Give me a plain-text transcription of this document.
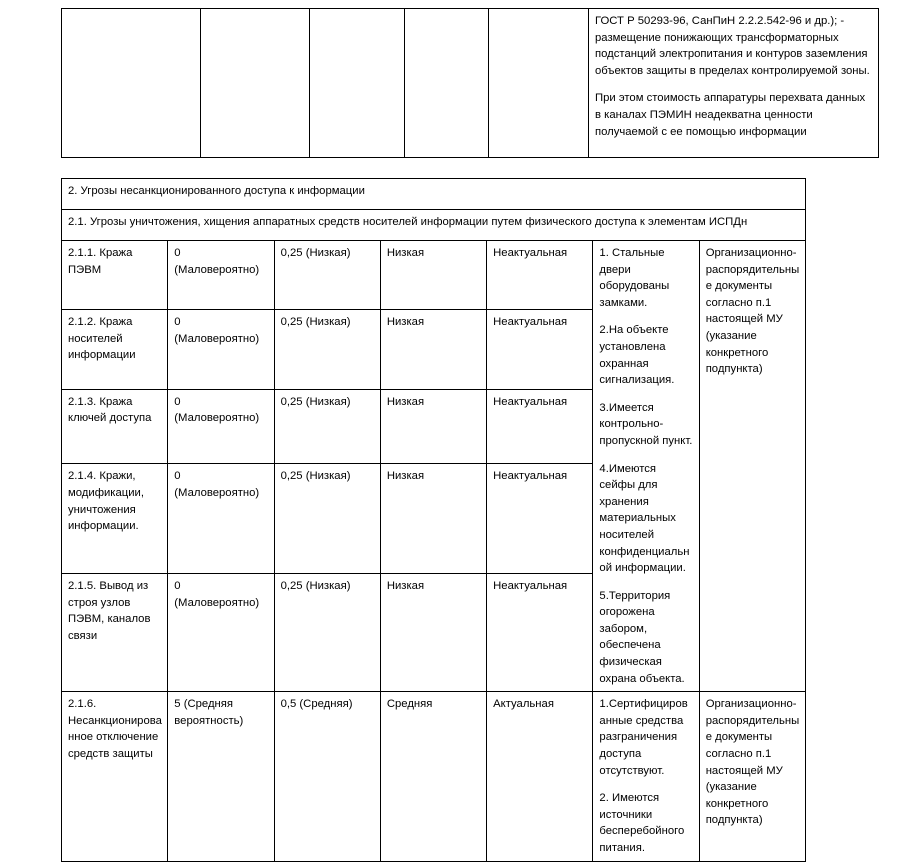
ГОСТ Р 50293-96, СанПиН 2.2.2.542-96 и др.); - размещение понижающих трансформаторных подстанций электропитания и контуров заземления объектов защиты в пределах контролируемой зоны.
При этом стоимость аппаратуры перехвата данных в каналах ПЭМИН неадекватна ценности получаемой с ее помощью информации
2. Угрозы несанкционированного доступа к информации						
2.1. Угрозы уничтожения, хищения аппаратных средств носителей информации путем физического доступа к элементам ИСПДн						
2.1.1. Кража ПЭВМ	0 (Маловероятно)	0,25 (Низкая)	Низкая	Неактуальная	1. Стальные двери оборудованы замками.
2.На объекте установлена охранная сигнализация.
3.Имеется контрольно-пропускной пункт.
4.Имеются сейфы для хранения материальных носителей конфиденциальной информации.
5.Территория огорожена забором, обеспечена физическая охрана объекта.	Организационно-распорядительные документы согласно п.1 настоящей МУ (указание конкретного подпункта)
2.1.2. Кража носителей информации	0 (Маловероятно)	0,25 (Низкая)	Низкая	Неактуальная		
2.1.3. Кража ключей доступа	0 (Маловероятно)	0,25 (Низкая)	Низкая	Неактуальная		
2.1.4. Кражи, модификации, уничтожения информации.	0 (Маловероятно)	0,25 (Низкая)	Низкая	Неактуальная		
2.1.5. Вывод из строя узлов ПЭВМ, каналов связи	0 (Маловероятно)	0,25 (Низкая)	Низкая	Неактуальная		
2.1.6. Несанкционированное отключение средств защиты	5 (Средняя вероятность)	0,5 (Средняя)	Средняя	Актуальная	1.Сертифицированные средства разграничения доступа отсутствуют.
2. Имеются источники бесперебойного питания.	Организационно-распорядительные документы согласно п.1 настоящей МУ (указание конкретного подпункта)
